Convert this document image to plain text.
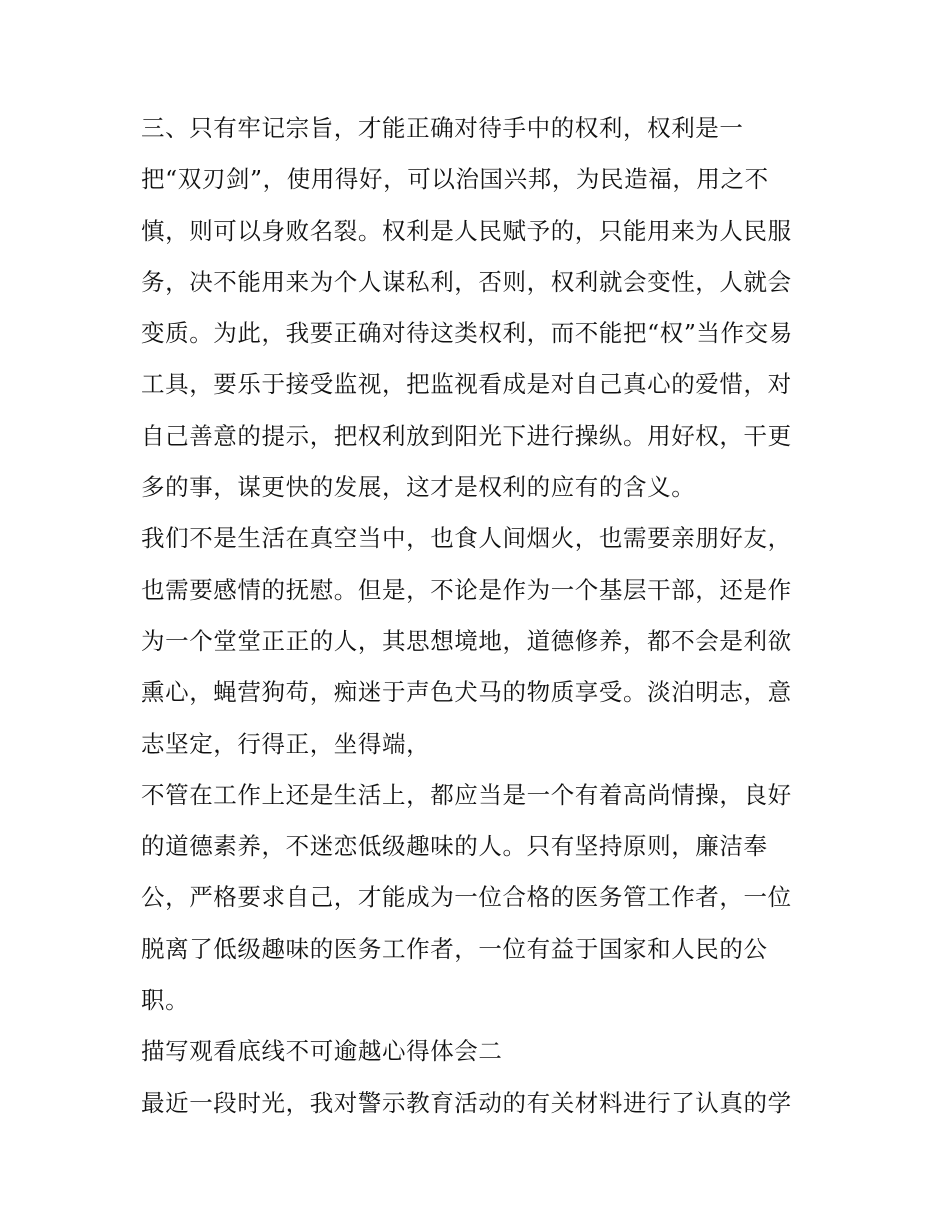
三、只有牢记宗旨，才能正确对待手中的权利，权利是一
把“双刃剑”，使用得好，可以治国兴邦，为民造福，用之不
慎，则可以身败名裂。权利是人民赋予的，只能用来为人民服
务，决不能用来为个人谋私利，否则，权利就会变性，人就会
变质。为此，我要正确对待这类权利，而不能把“权”当作交易
工具，要乐于接受监视，把监视看成是对自己真心的爱惜，对
自己善意的提示，把权利放到阳光下进行操纵。用好权，干更
多的事，谋更快的发展，这才是权利的应有的含义。
我们不是生活在真空当中，也食人间烟火，也需要亲朋好友，
也需要感情的抚慰。但是，不论是作为一个基层干部，还是作
为一个堂堂正正的人，其思想境地，道德修养，都不会是利欲
熏心，蝇营狗苟，痴迷于声色犬马的物质享受。淡泊明志，意
志坚定，行得正，坐得端，
不管在工作上还是生活上，都应当是一个有着高尚情操，良好
的道德素养，不迷恋低级趣味的人。只有坚持原则，廉洁奉
公，严格要求自己，才能成为一位合格的医务管工作者，一位
脱离了低级趣味的医务工作者，一位有益于国家和人民的公
职。
描写观看底线不可逾越心得体会二
最近一段时光，我对警示教育活动的有关材料进行了认真的学
